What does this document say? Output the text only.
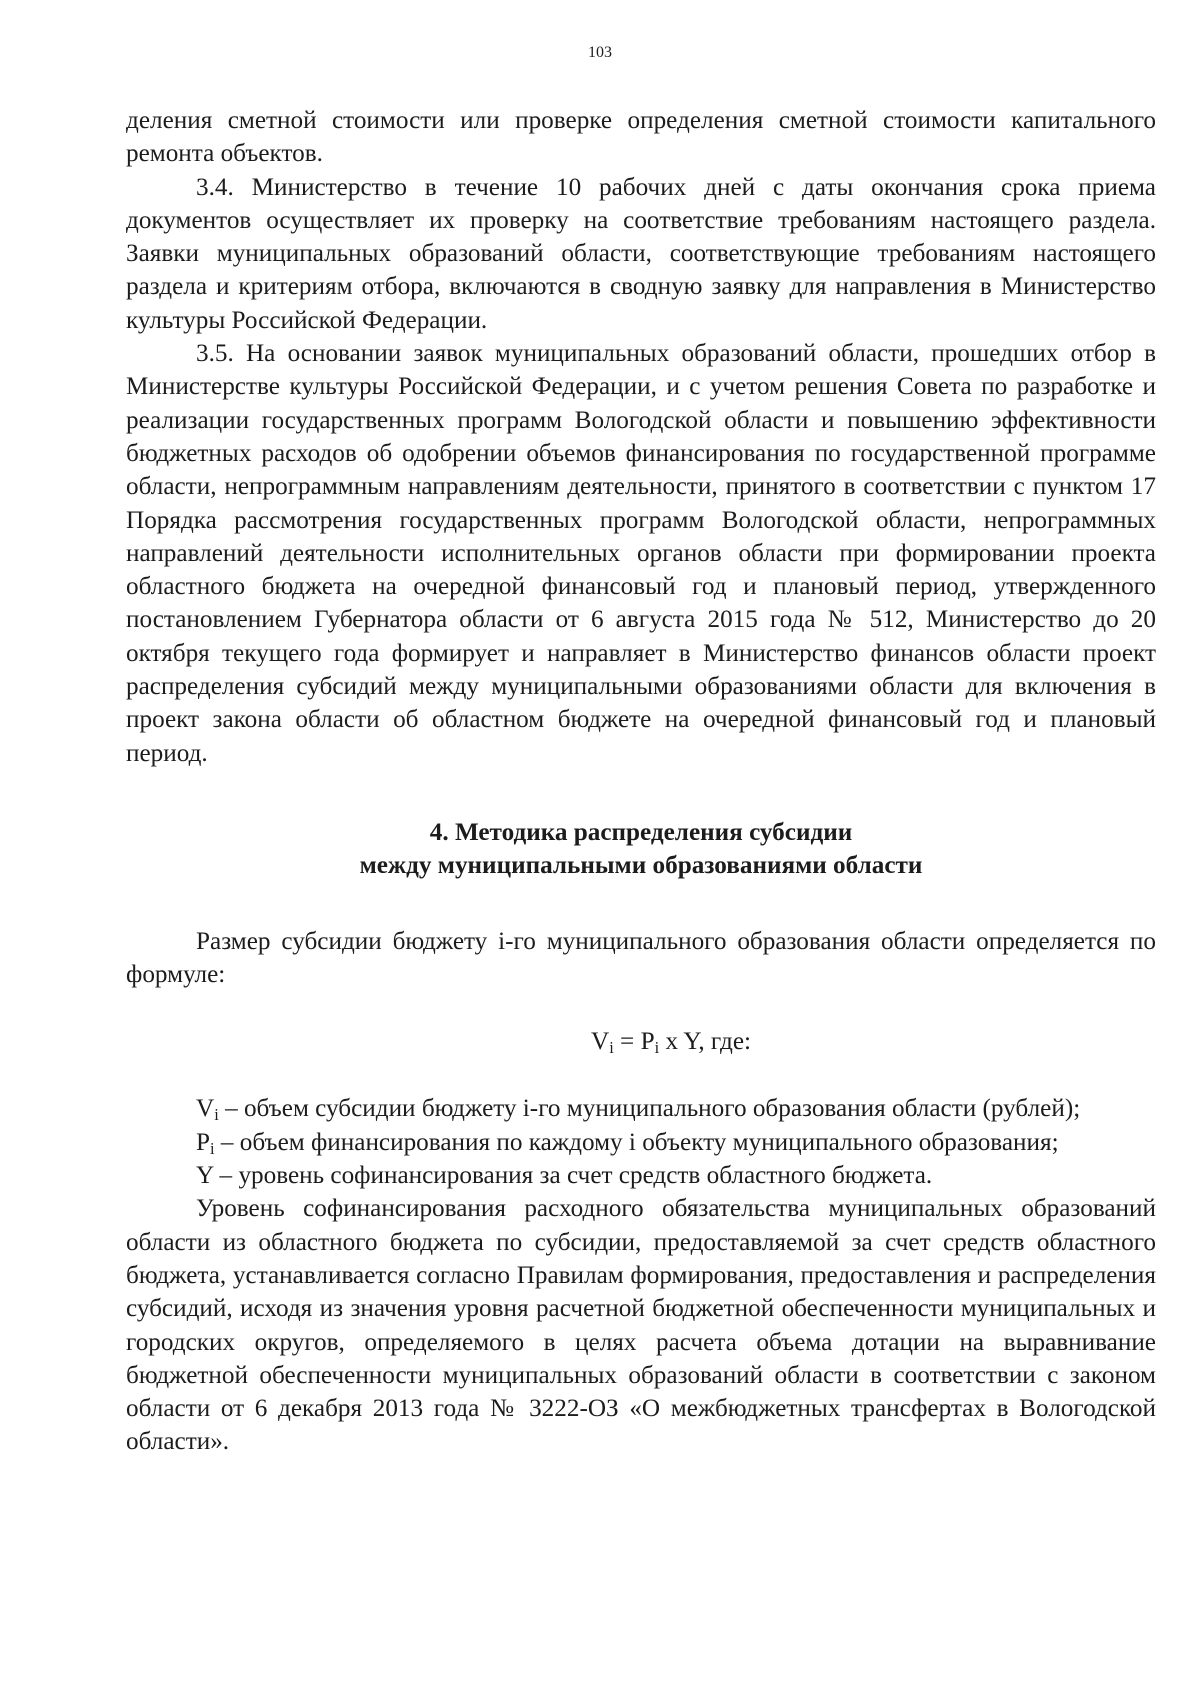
103

деления сметной стоимости или проверке определения сметной стоимости капитального ремонта объектов.

3.4. Министерство в течение 10 рабочих дней с даты окончания срока приема документов осуществляет их проверку на соответствие требованиям настоящего раздела. Заявки муниципальных образований области, соответствующие требованиям настоящего раздела и критериям отбора, включаются в сводную заявку для направления в Министерство культуры Российской Федерации.

3.5. На основании заявок муниципальных образований области, прошедших отбор в Министерстве культуры Российской Федерации, и с учетом решения Совета по разработке и реализации государственных программ Вологодской области и повышению эффективности бюджетных расходов об одобрении объемов финансирования по государственной программе области, непрограммным направлениям деятельности, принятого в соответствии с пунктом 17 Порядка рассмотрения государственных программ Вологодской области, непрограммных направлений деятельности исполнительных органов области при формировании проекта областного бюджета на очередной финансовый год и плановый период, утвержденного постановлением Губернатора области от 6 августа 2015 года № 512, Министерство до 20 октября текущего года формирует и направляет в Министерство финансов области проект распределения субсидий между муниципальными образованиями области для включения в проект закона области об областном бюджете на очередной финансовый год и плановый период.

4. Методика распределения субсидии
между муниципальными образованиями области

Размер субсидии бюджету i-го муниципального образования области определяется по формуле:

$V_i = P_i$ x Y, где:

$V_i$ – объем субсидии бюджету i-го муниципального образования области (рублей);

$P_i$ – объем финансирования по каждому i объекту муниципального образования;

Y – уровень софинансирования за счет средств областного бюджета.

Уровень софинансирования расходного обязательства муниципальных образований области из областного бюджета по субсидии, предоставляемой за счет средств областного бюджета, устанавливается согласно Правилам формирования, предоставления и распределения субсидий, исходя из значения уровня расчетной бюджетной обеспеченности муниципальных и городских округов, определяемого в целях расчета объема дотации на выравнивание бюджетной обеспеченности муниципальных образований области в соответствии с законом области от 6 декабря 2013 года № 3222-ОЗ «О межбюджетных трансфертах в Вологодской области».
